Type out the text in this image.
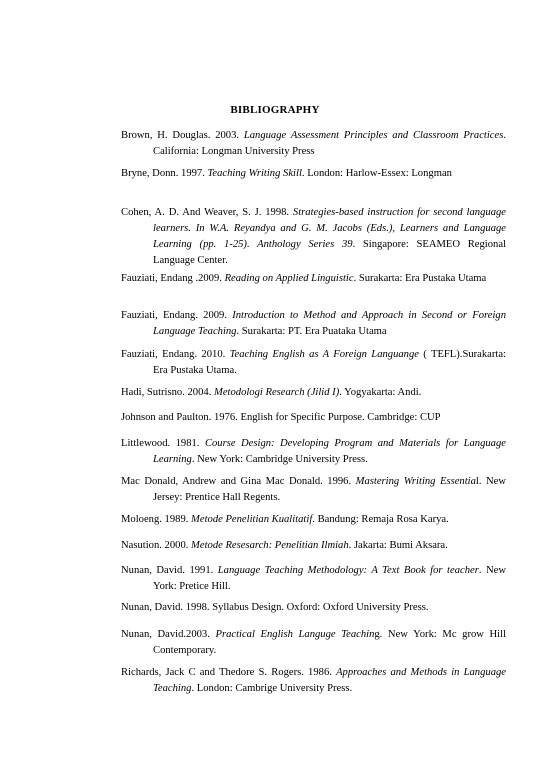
BIBLIOGRAPHY
Brown, H. Douglas. 2003. Language Assessment Principles and Classroom Practices. California: Longman University Press
Bryne, Donn. 1997. Teaching Writing Skill. London: Harlow-Essex: Longman
Cohen, A. D. And Weaver, S. J. 1998. Strategies-based instruction for second language learners. In W.A. Reyandya and G. M. Jacobs (Eds.), Learners and Language Learning (pp. 1-25). Anthology Series 39. Singapore: SEAMEO Regional Language Center.
Fauziati, Endang .2009. Reading on Applied Linguistic. Surakarta: Era Pustaka Utama
Fauziati, Endang. 2009. Introduction to Method and Approach in Second or Foreign Language Teaching. Surakarta: PT. Era Puataka Utama
Fauziati, Endang. 2010. Teaching English as A Foreign Languange ( TEFL).Surakarta: Era Pustaka Utama.
Hadi, Sutrisno. 2004. Metodologi Research (Jilid I). Yogyakarta: Andi.
Johnson and Paulton. 1976. English for Specific Purpose. Cambridge: CUP
Littlewood. 1981. Course Design: Developing Program and Materials for Language Learning. New York: Cambridge University Press.
Mac Donald, Andrew and Gina Mac Donald. 1996. Mastering Writing Essential. New Jersey: Prentice Hall Regents.
Moloeng. 1989. Metode Penelitian Kualitatif. Bandung: Remaja Rosa Karya.
Nasution. 2000. Metode Resesarch: Penelitian Ilmiah. Jakarta: Bumi Aksara.
Nunan, David. 1991. Language Teaching Methodology: A Text Book for teacher. New York: Pretice Hill.
Nunan, David. 1998. Syllabus Design. Oxford: Oxford University Press.
Nunan, David.2003. Practical English Languge Teaching. New York: Mc grow Hill Contemporary.
Richards, Jack C and Thedore S. Rogers. 1986. Approaches and Methods in Language Teaching. London: Cambrige University Press.
